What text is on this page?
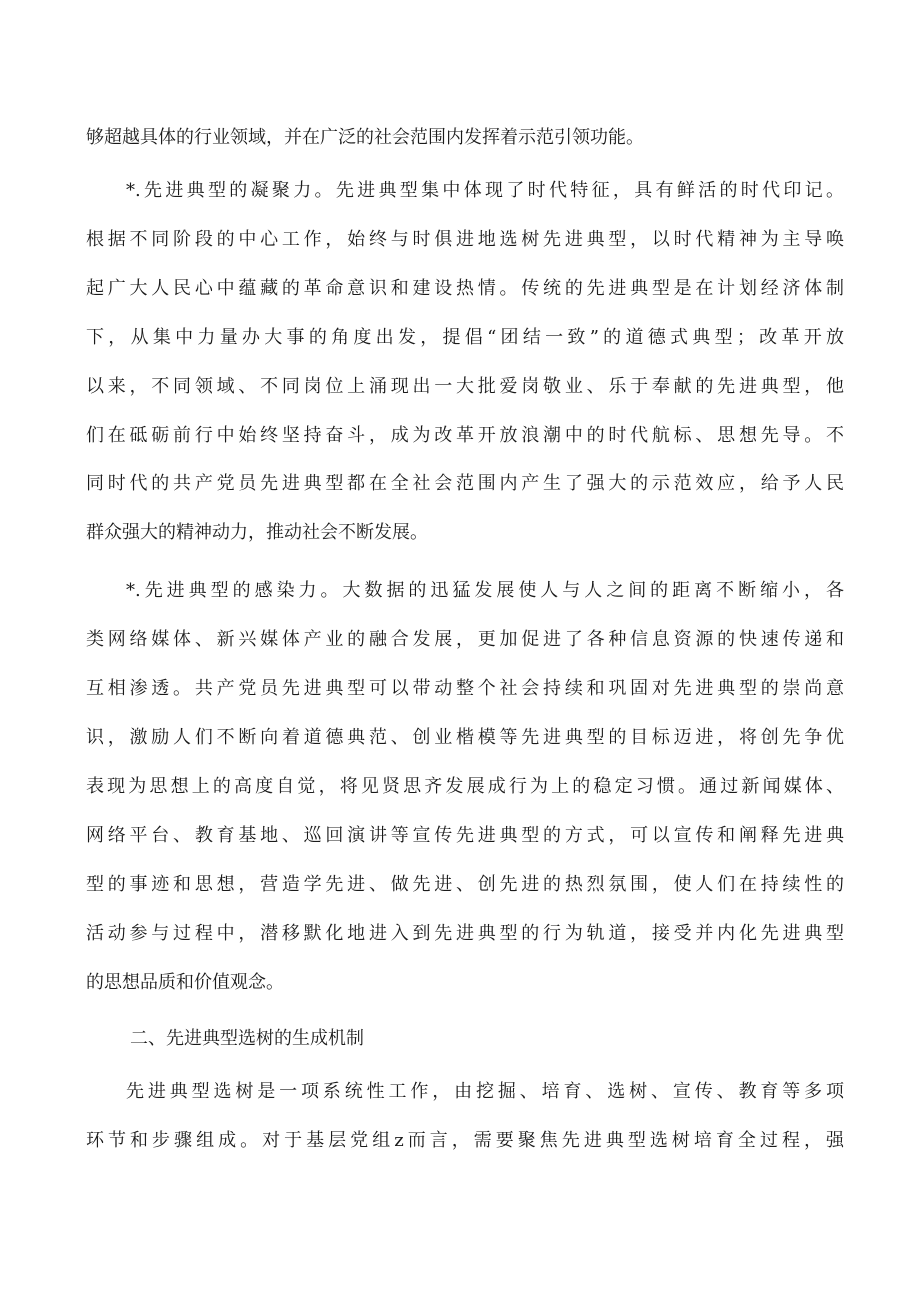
够超越具体的行业领域，并在广泛的社会范围内发挥着示范引领功能。

*.先进典型的凝聚力。先进典型集中体现了时代特征，具有鲜活的时代印记。

根据不同阶段的中心工作，始终与时俱进地选树先进典型，以时代精神为主导唤

起广大人民心中蕴藏的革命意识和建设热情。传统的先进典型是在计划经济体制

下，从集中力量办大事的角度出发，提倡“团结一致”的道德式典型；改革开放

以来，不同领域、不同岗位上涌现出一大批爱岗敬业、乐于奉献的先进典型，他

们在砥砺前行中始终坚持奋斗，成为改革开放浪潮中的时代航标、思想先导。不

同时代的共产党员先进典型都在全社会范围内产生了强大的示范效应，给予人民

群众强大的精神动力，推动社会不断发展。

*.先进典型的感染力。大数据的迅猛发展使人与人之间的距离不断缩小，各

类网络媒体、新兴媒体产业的融合发展，更加促进了各种信息资源的快速传递和

互相渗透。共产党员先进典型可以带动整个社会持续和巩固对先进典型的崇尚意

识，激励人们不断向着道德典范、创业楷模等先进典型的目标迈进，将创先争优

表现为思想上的高度自觉，将见贤思齐发展成行为上的稳定习惯。通过新闻媒体、

网络平台、教育基地、巡回演讲等宣传先进典型的方式，可以宣传和阐释先进典

型的事迹和思想，营造学先进、做先进、创先进的热烈氛围，使人们在持续性的

活动参与过程中，潜移默化地进入到先进典型的行为轨道，接受并内化先进典型

的思想品质和价值观念。

二、先进典型选树的生成机制

先进典型选树是一项系统性工作，由挖掘、培育、选树、宣传、教育等多项

环节和步骤组成。对于基层党组z而言，需要聚焦先进典型选树培育全过程，强
